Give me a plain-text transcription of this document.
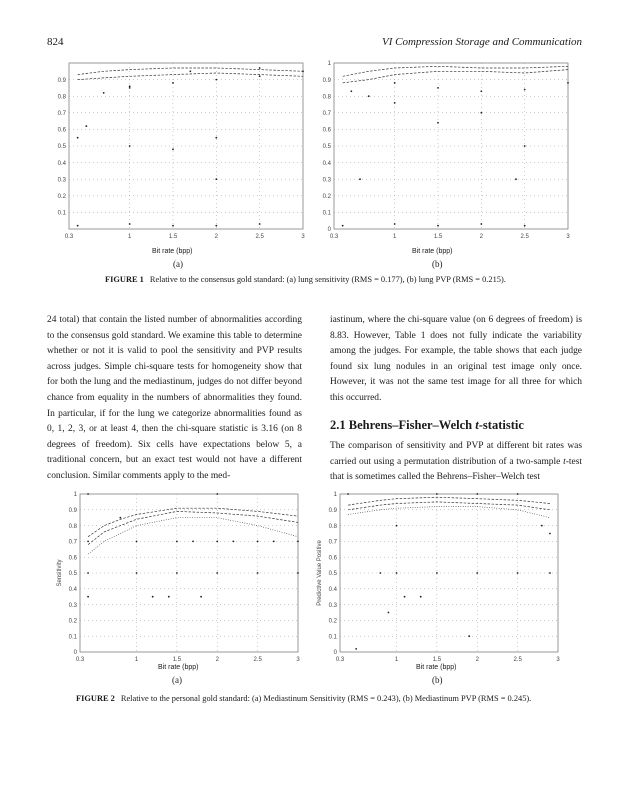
824	VI Compression Storage and Communication
0.1
0.2
0.3
0.4
0.5
0.6
0.7
0.8
0.9
0.3	1	1.5	2	2.5	3
0
0.1
0.2
0.3
0.4
0.5
0.6
0.7
0.8
0.9
1
0.3	1	1.5	2	2.5	3
Bit rate (bpp)	Bit rate (bpp)
(a)	(b)
FIGURE 1 Relative to the consensus gold standard: (a) lung sensitivity (RMS = 0.177), (b) lung PVP (RMS = 0.215).

24 total) that contain the listed number of abnormalities according to the consensus gold standard. We examine this table to determine whether or not it is valid to pool the sensitivity and PVP results across judges. Simple chi-square tests for homogeneity show that for both the lung and the mediastinum, judges do not differ beyond chance from equality in the numbers of abnormalities they found. In particular, if for the lung we categorize abnormalities found as 0, 1, 2, 3, or at least 4, then the chi-square statistic is 3.16 (on 8 degrees of freedom). Six cells have expectations below 5, a traditional concern, but an exact test would not have a different conclusion. Similar comments apply to the med-

iastinum, where the chi-square value (on 6 degrees of freedom) is 8.83. However, Table 1 does not fully indicate the variability among the judges. For example, the table shows that each judge found six lung nodules in an original test image only once. However, it was not the same test image for all three for which this occurred.

2.1 Behrens–Fisher–Welch t-statistic

The comparison of sensitivity and PVP at different bit rates was carried out using a permutation distribution of a two-sample t-test that is sometimes called the Behrens–Fisher–Welch test

0
0.1
0.2
0.3
0.4
0.5
0.6
0.7
0.8
0.9
1
0.3	1	1.5	2	2.5	3
Sensitivity
0
0.1
0.2
0.3
0.4
0.5
0.6
0.7
0.8
0.9
1
0.3	1	1.5	2	2.5	3
Predictive Value Positive
Bit rate (bpp)	Bit rate (bpp)
(a)	(b)
FIGURE 2 Relative to the personal gold standard: (a) Mediastinum Sensitivity (RMS = 0.243), (b) Mediastinum PVP (RMS = 0.245).
